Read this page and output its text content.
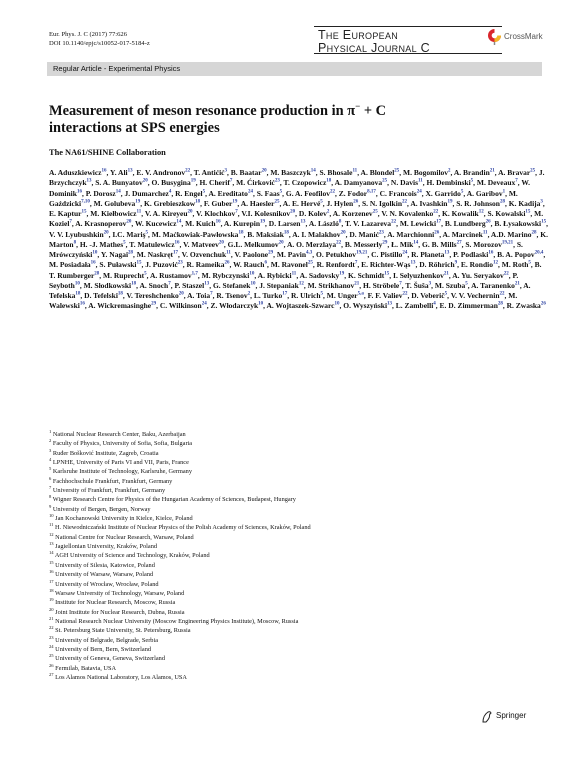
Eur. Phys. J. C (2017) 77:626
DOI 10.1140/epjc/s10052-017-5184-z
The European
Physical Journal C
CrossMark
Regular Article - Experimental Physics
Measurement of meson resonance production in π− + C
interactions at SPS energies
The NA61/SHINE Collaboration
A. Aduszkiewicz$^{16}$, Y. Ali$^{13}$, E. V. Andronov$^{22}$, T. Antićić$^3$, B. Baatar$^{20}$, M. Baszczyk$^{14}$, S. Bhosale$^{11}$, A. Blondel$^{25}$, M. Bogomilov$^2$, A. Brandin$^{21}$, A. Bravar$^{25}$, J. Brzychczyk$^{13}$, S. A. Bunyatov$^{20}$, O. Busygina$^{19}$, H. Cherif$^7$, M. Ćirković$^{23}$, T. Czopowicz$^{18}$, A. Damyanova$^{25}$, N. Davis$^{11}$, H. Dembinski$^5$, M. Deveaux$^7$, W. Dominik$^{16}$, P. Dorosz$^{14}$, J. Dumarchez$^4$, R. Engel$^5$, A. Ereditato$^{24}$, S. Faas$^5$, G. A. Feofilov$^{22}$, Z. Fodor$^{8,17}$, C. Francois$^{24}$, X. Garrido$^5$, A. Garibov$^1$, M. Gaździcki$^{7,10}$, M. Golubeva$^{19}$, K. Grebieszkow$^{18}$, F. Guber$^{19}$, A. Haesler$^{25}$, A. E. Hervé$^5$, J. Hylen$^{26}$, S. N. Igolkin$^{22}$, A. Ivashkin$^{19}$, S. R. Johnson$^{28}$, K. Kadija$^3$, E. Kaptur$^{15}$, M. Kiełbowicz$^{11}$, V. A. Kireyeu$^{20}$, V. Klochkov$^7$, V.I. Kolesnikov$^{20}$, D. Kolev$^2$, A. Korzenev$^{25}$, V. N. Kovalenko$^{22}$, K. Kowalik$^{12}$, S. Kowalski$^{15}$, M. Koziel$^7$, A. Krasnoperov$^{20}$, W. Kucewicz$^{14}$, M. Kuich$^{16}$, A. Kurepin$^{19}$, D. Larsen$^{13}$, A. László$^8$, T. V. Lazareva$^{22}$, M. Lewicki$^{17}$, B. Lundberg$^{26}$, B. Łysakowski$^{15}$, V. V. Lyubushkin$^{20}$, I.C. Mariş$^5$, M. Maćkowiak-Pawłowska$^{18}$, B. Maksiak$^{18}$, A. I. Malakhov$^{20}$, D. Manić$^{23}$, A. Marchionni$^{26}$, A. Marcinek$^{11}$, A.D. Marino$^{28}$, K. Marton$^8$, H. -J. Mathes$^5$, T. Matulewicz$^{16}$, V. Matveev$^{20}$, G.L. Melkumov$^{20}$, A. O. Merzlaya$^{22}$, B. Messerly$^{29}$, Ł. Mik$^{14}$, G. B. Mills$^{27}$, S. Morozov$^{19,21}$, S. Mrówczyński$^{10}$, Y. Nagai$^{28}$, M. Naskręt$^{17}$, V. Ozvenchuk$^{11}$, V. Paolone$^{29}$, M. Pavin$^{4,3}$, O. Petukhov$^{19,21}$, C. Pistillo$^{24}$, R. Płaneta$^{13}$, P. Podlaski$^{16}$, B. A. Popov$^{20,4}$, M. Posiadała$^{16}$, S. Puławski$^{15}$, J. Puzović$^{23}$, R. Rameika$^{26}$, W. Rauch$^6$, M. Ravonel$^{25}$, R. Renfordt$^7$, E. Richter-Wąs$^{13}$, D. Röhrich$^9$, E. Rondio$^{12}$, M. Roth$^5$, B. T. Rumberger$^{28}$, M. Ruprecht$^5$, A. Rustamov$^{1,7}$, M. Rybczynski$^{10}$, A. Rybicki$^{11}$, A. Sadovsky$^{19}$, K. Schmidt$^{15}$, I. Selyuzhenkov$^{21}$, A. Yu. Seryakov$^{22}$, P. Seyboth$^{10}$, M. Słodkowski$^{18}$, A. Snoch$^7$, P. Staszel$^{13}$, G. Stefanek$^{10}$, J. Stepaniak$^{12}$, M. Strikhanov$^{21}$, H. Ströbele$^7$, T. Šuša$^3$, M. Szuba$^5$, A. Taranenko$^{21}$, A. Tefelska$^{18}$, D. Tefelski$^{18}$, V. Tereshchenko$^{20}$, A. Toia$^7$, R. Tsenov$^2$, L. Turko$^{17}$, R. Ulrich$^5$, M. Unger$^{5,a}$, F. F. Valiev$^{22}$, D. Veberič$^5$, V. V. Vechernin$^{22}$, M. Walewski$^{16}$, A. Wickremasinghe$^{29}$, C. Wilkinson$^{24}$, Z. Włodarczyk$^{10}$, A. Wojtaszek-Szwarc$^{10}$, O. Wyszyński$^{13}$, L. Zambelli$^4$, E. D. Zimmerman$^{28}$, R. Zwaska$^{26}$
$^1$ National Nuclear Research Center, Baku, Azerbaijan
$^2$ Faculty of Physics, University of Sofia, Sofia, Bulgaria
$^3$ Ruđer Bošković Institute, Zagreb, Croatia
$^4$ LPNHE, University of Paris VI and VII, Paris, France
$^5$ Karlsruhe Institute of Technology, Karlsruhe, Germany
$^6$ Fachhochschule Frankfurt, Frankfurt, Germany
$^7$ University of Frankfurt, Frankfurt, Germany
$^8$ Wigner Research Centre for Physics of the Hungarian Academy of Sciences, Budapest, Hungary
$^9$ University of Bergen, Bergen, Norway
$^{10}$ Jan Kochanowski University in Kielce, Kielce, Poland
$^{11}$ H. Niewodniczański Institute of Nuclear Physics of the Polish Academy of Sciences, Kraków, Poland
$^{12}$ National Centre for Nuclear Research, Warsaw, Poland
$^{13}$ Jagiellonian University, Kraków, Poland
$^{14}$ AGH University of Science and Technology, Kraków, Poland
$^{15}$ University of Silesia, Katowice, Poland
$^{16}$ University of Warsaw, Warsaw, Poland
$^{17}$ University of Wrocław, Wrocław, Poland
$^{18}$ Warsaw University of Technology, Warsaw, Poland
$^{19}$ Institute for Nuclear Research, Moscow, Russia
$^{20}$ Joint Institute for Nuclear Research, Dubna, Russia
$^{21}$ National Research Nuclear University (Moscow Engineering Physics Institute), Moscow, Russia
$^{22}$ St. Petersburg State University, St. Petersburg, Russia
$^{23}$ University of Belgrade, Belgrade, Serbia
$^{24}$ University of Bern, Bern, Switzerland
$^{25}$ University of Geneva, Geneva, Switzerland
$^{26}$ Fermilab, Batavia, USA
$^{27}$ Los Alamos National Laboratory, Los Alamos, USA
Springer
